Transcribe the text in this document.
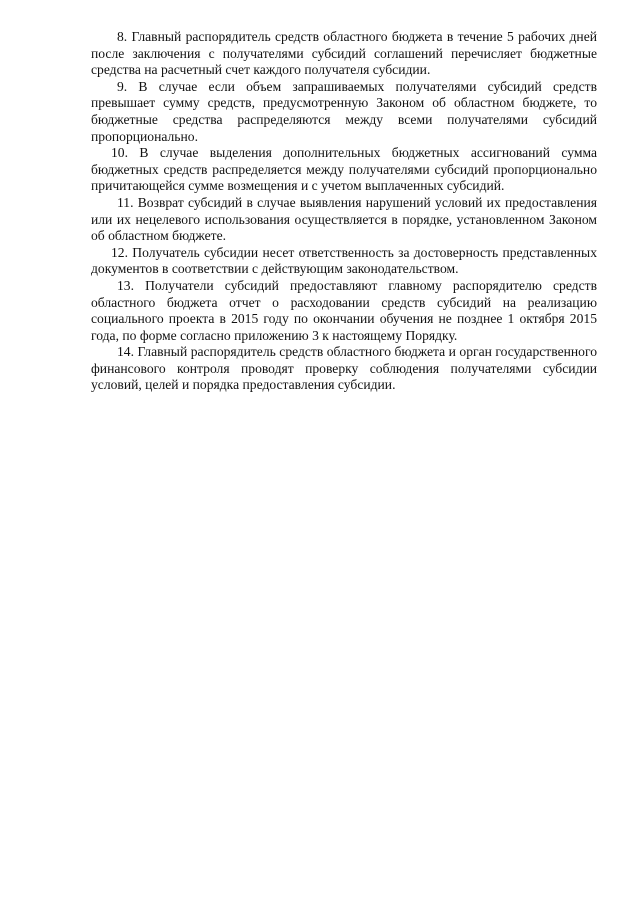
8. Главный распорядитель средств областного бюджета в течение 5 рабочих дней после заключения с получателями субсидий соглашений перечисляет бюджетные средства на расчетный счет каждого получателя субсидии.

9. В случае если объем запрашиваемых получателями субсидий средств превышает сумму средств, предусмотренную Законом об областном бюджете, то бюджетные средства распределяются между всеми получателями субсидий пропорционально.

10. В случае выделения дополнительных бюджетных ассигнований сумма бюджетных средств распределяется между получателями субсидий пропорционально причитающейся сумме возмещения и с учетом выплаченных субсидий.

11. Возврат субсидий в случае выявления нарушений условий их предоставления или их нецелевого использования осуществляется в порядке, установленном Законом об областном бюджете.

12. Получатель субсидии несет ответственность за достоверность представленных документов в соответствии с действующим законодательством.

13. Получатели субсидий предоставляют главному распорядителю средств областного бюджета отчет о расходовании средств субсидий на реализацию социального проекта в 2015 году по окончании обучения не позднее 1 октября 2015 года, по форме согласно приложению 3 к настоящему Порядку.

14. Главный распорядитель средств областного бюджета и орган государственного финансового контроля проводят проверку соблюдения получателями субсидии условий, целей и порядка предоставления субсидии.
